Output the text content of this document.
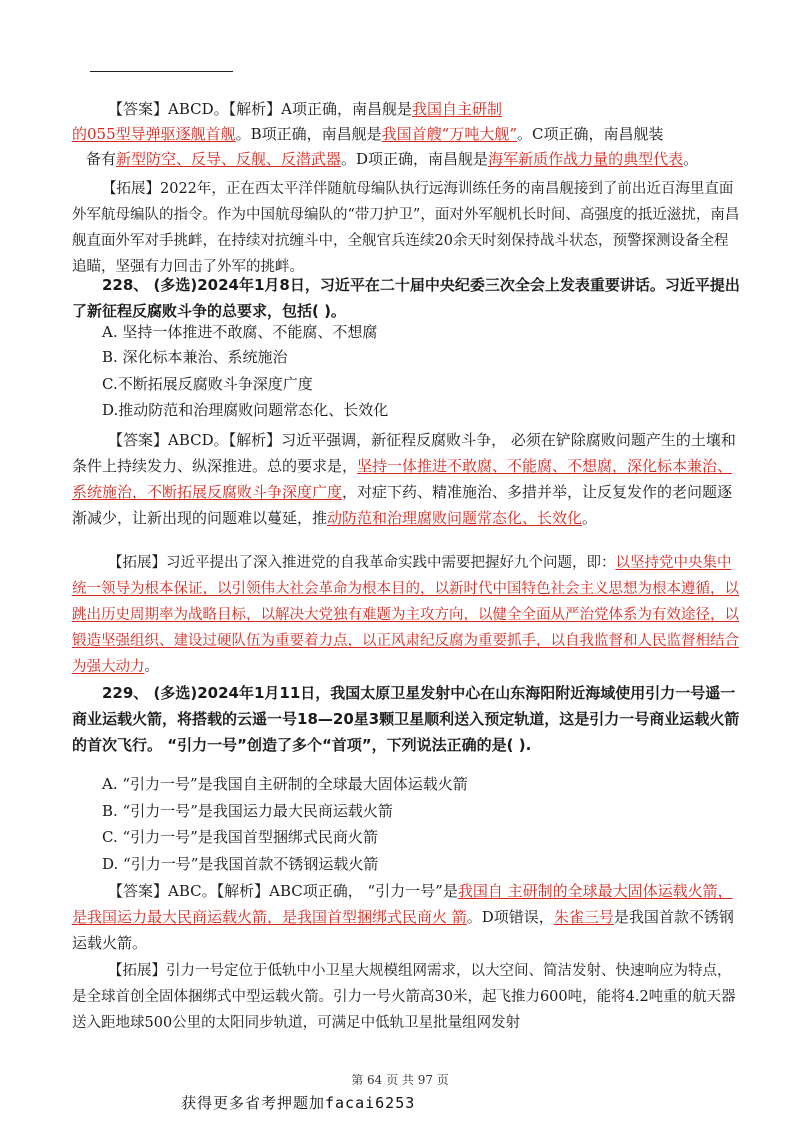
【答案】ABCD。【解析】A项正确，南昌舰是我国自主研制
的055型导弹驱逐舰首舰。B项正确，南昌舰是我国首艘“万吨大舰”。C项正确，南昌舰装
备有新型防空、反导、反舰、反潜武器。D项正确，南昌舰是海军新质作战力量的典型代表。
【拓展】2022年，正在西太平洋伴随航母编队执行远海训练任务的南昌舰接到了前出近百海里直面外军航母编队的指令。作为中国航母编队的“带刀护卫”，面对外军舰机长时间、高强度的抵近滋扰，南昌舰直面外军对手挑衅，在持续对抗缠斗中，全舰官兵连续20余天时刻保持战斗状态，预警探测设备全程追瞄，坚强有力回击了外军的挑衅。
228、 (多选)2024年1月8日，习近平在二十届中央纪委三次全会上发表重要讲话。习近平提出了新征程反腐败斗争的总要求，包括( )。
A. 坚持一体推进不敢腐、不能腐、不想腐
B. 深化标本兼治、系统施治
C.不断拓展反腐败斗争深度广度
D.推动防范和治理腐败问题常态化、长效化
【答案】ABCD。【解析】习近平强调，新征程反腐败斗争， 必须在铲除腐败问题产生的土壤和条件上持续发力、纵深推进。总的要求是，坚持一体推进不敢腐、不能腐、不想腐，深化标本兼治、系统施治，不断拓展反腐败斗争深度广度，对症下药、精准施治、多措并举，让反复发作的老问题逐渐减少，让新出现的问题难以蔓延，推动防范和治理腐败问题常态化、长效化。
【拓展】习近平提出了深入推进党的自我革命实践中需要把握好九个问题，即：以坚持党中央集中统一领导为根本保证，以引领伟大社会革命为根本目的，以新时代中国特色社会主义思想为根本遵循，以跳出历史周期率为战略目标，以解决大党独有难题为主攻方向，以健全全面从严治党体系为有效途径，以锻造坚强组织、建设过硬队伍为重要着力点，以正风肃纪反腐为重要抓手，以自我监督和人民监督相结合为强大动力。
229、 (多选)2024年1月11日，我国太原卫星发射中心在山东海阳附近海域使用引力一号遥一商业运载火箭，将搭载的云遥一号18—20星3颗卫星顺利送入预定轨道，这是引力一号商业运载火箭的首次飞行。 “引力一号”创造了多个“首项”，下列说法正确的是( ).
A. “引力一号”是我国自主研制的全球最大固体运载火箭
B. “引力一号”是我国运力最大民商运载火箭
C. “引力一号”是我国首型捆绑式民商火箭
D. “引力一号”是我国首款不锈钢运载火箭
【答案】ABC。【解析】ABC项正确， “引力一号”是我国自 主研制的全球最大固体运载火箭，是我国运力最大民商运载火箭，是我国首型捆绑式民商火 箭。D项错误，朱雀三号是我国首款不锈钢运载火箭。
【拓展】引力一号定位于低轨中小卫星大规模组网需求，以大空间、简洁发射、快速响应为特点，是全球首创全固体捆绑式中型运载火箭。引力一号火箭高30米，起飞推力600吨，能将4.2吨重的航天器送入距地球500公里的太阳同步轨道，可满足中低轨卫星批量组网发射
第 64 页 共 97 页
获得更多省考押题加facai6253
